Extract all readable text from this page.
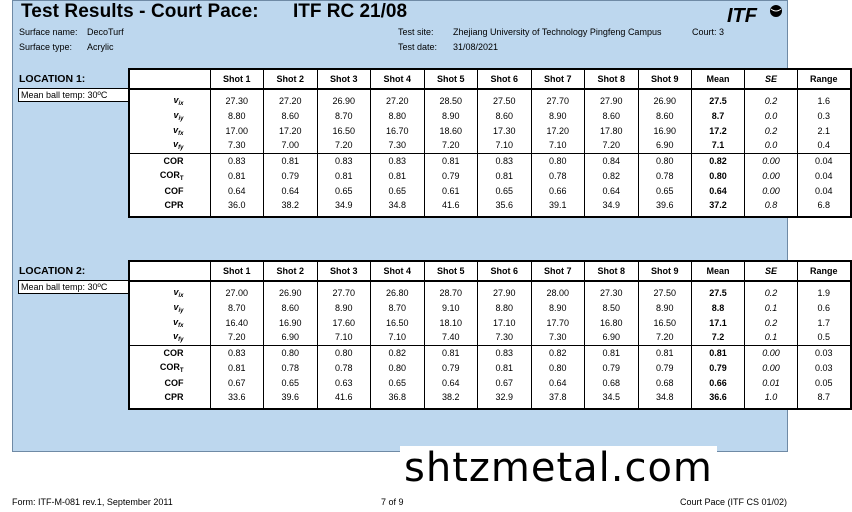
Test Results - Court Pace: ITF RC 21/08	ITF
Surface name: DecoTurf
Surface type: Acrylic
Test site: Zhejiang University of Technology Pingfeng Campus	Court: 3
Test date: 31/08/2021
LOCATION 1:
Mean ball temp: 30ºC
	Shot 1	Shot 2	Shot 3	Shot 4	Shot 5	Shot 6	Shot 7	Shot 8	Shot 9	Mean	SE	Range
$v_{ix}$	27.30	27.20	26.90	27.20	28.50	27.50	27.70	27.90	26.90	27.5	0.2	1.6
$v_{iy}$	8.80	8.60	8.70	8.80	8.90	8.60	8.90	8.60	8.60	8.7	0.0	0.3
$v_{fx}$	17.00	17.20	16.50	16.70	18.60	17.30	17.20	17.80	16.90	17.2	0.2	2.1
$v_{fy}$	7.30	7.00	7.20	7.30	7.20	7.10	7.10	7.20	6.90	7.1	0.0	0.4
COR	0.83	0.81	0.83	0.83	0.81	0.83	0.80	0.84	0.80	0.82	0.00	0.04
$COR_T$	0.81	0.79	0.81	0.81	0.79	0.81	0.78	0.82	0.78	0.80	0.00	0.04
COF	0.64	0.64	0.65	0.65	0.61	0.65	0.66	0.64	0.65	0.64	0.00	0.04
CPR	36.0	38.2	34.9	34.8	41.6	35.6	39.1	34.9	39.6	37.2	0.8	6.8
LOCATION 2:
Mean ball temp: 30ºC
	Shot 1	Shot 2	Shot 3	Shot 4	Shot 5	Shot 6	Shot 7	Shot 8	Shot 9	Mean	SE	Range
$v_{ix}$	27.00	26.90	27.70	26.80	28.70	27.90	28.00	27.30	27.50	27.5	0.2	1.9
$v_{iy}$	8.70	8.60	8.90	8.70	9.10	8.80	8.90	8.50	8.90	8.8	0.1	0.6
$v_{fx}$	16.40	16.90	17.60	16.50	18.10	17.10	17.70	16.80	16.50	17.1	0.2	1.7
$v_{fy}$	7.20	6.90	7.10	7.10	7.40	7.30	7.30	6.90	7.20	7.2	0.1	0.5
COR	0.83	0.80	0.80	0.82	0.81	0.83	0.82	0.81	0.81	0.81	0.00	0.03
$COR_T$	0.81	0.78	0.78	0.80	0.79	0.81	0.80	0.79	0.79	0.79	0.00	0.03
COF	0.67	0.65	0.63	0.65	0.64	0.67	0.64	0.68	0.68	0.66	0.01	0.05
CPR	33.6	39.6	41.6	36.8	38.2	32.9	37.8	34.5	34.8	36.6	1.0	8.7
shtzmetal.com
Form: ITF-M-081 rev.1, September 2011	7 of 9	Court Pace (ITF CS 01/02)
